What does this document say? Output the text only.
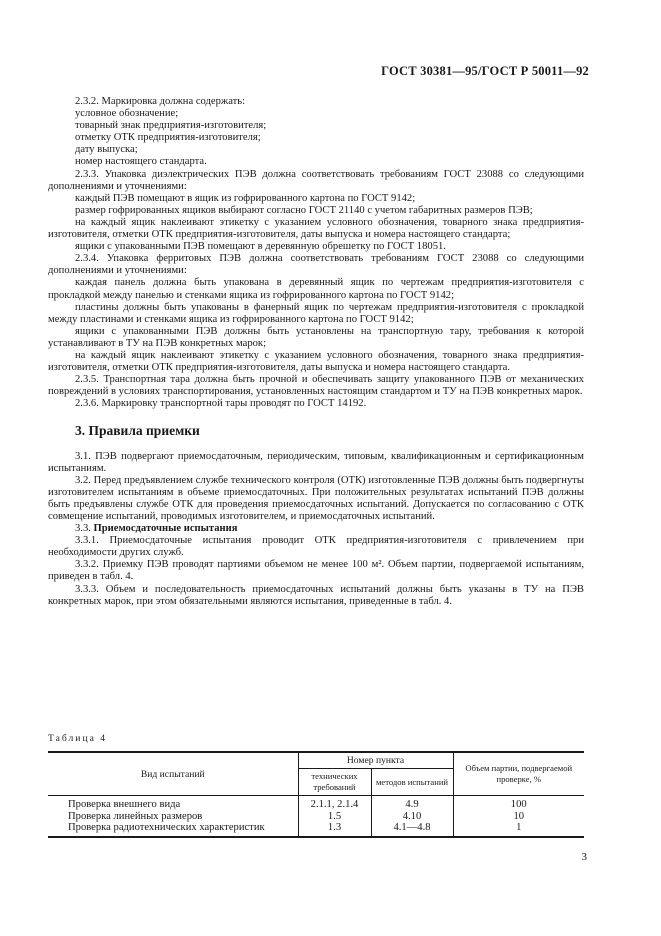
ГОСТ 30381—95/ГОСТ Р 50011—92

2.3.2. Маркировка должна содержать:

условное обозначение;

товарный знак предприятия-изготовителя;

отметку ОТК предприятия-изготовителя;

дату выпуска;

номер настоящего стандарта.

2.3.3. Упаковка диэлектрических ПЭВ должна соответствовать требованиям ГОСТ 23088 со следующими дополнениями и уточнениями:

каждый ПЭВ помещают в ящик из гофрированного картона по ГОСТ 9142;

размер гофрированных ящиков выбирают согласно ГОСТ 21140 с учетом габаритных размеров ПЭВ;

на каждый ящик наклеивают этикетку с указанием условного обозначения, товарного знака предприятия-изготовителя, отметки ОТК предприятия-изготовителя, даты выпуска и номера настоящего стандарта;

ящики с упакованными ПЭВ помещают в деревянную обрешетку по ГОСТ 18051.

2.3.4. Упаковка ферритовых ПЭВ должна соответствовать требованиям ГОСТ 23088 со следующими дополнениями и уточнениями:

каждая панель должна быть упакована в деревянный ящик по чертежам предприятия-изготовителя с прокладкой между панелью и стенками ящика из гофрированного картона по ГОСТ 9142;

пластины должны быть упакованы в фанерный ящик по чертежам предприятия-изготовителя с прокладкой между пластинами и стенками ящика из гофрированного картона по ГОСТ 9142;

ящики с упакованными ПЭВ должны быть установлены на транспортную тару, требования к которой устанавливают в ТУ на ПЭВ конкретных марок;

на каждый ящик наклеивают этикетку с указанием условного обозначения, товарного знака предприятия-изготовителя, отметки ОТК предприятия-изготовителя, даты выпуска и номера настоящего стандарта.

2.3.5. Транспортная тара должна быть прочной и обеспечивать защиту упакованного ПЭВ от механических повреждений в условиях транспортирования, установленных настоящим стандартом и ТУ на ПЭВ конкретных марок.

2.3.6. Маркировку транспортной тары проводят по ГОСТ 14192.

3. Правила приемки

3.1. ПЭВ подвергают приемосдаточным, периодическим, типовым, квалификационным и сертификационным испытаниям.

3.2. Перед предъявлением службе технического контроля (ОТК) изготовленные ПЭВ должны быть подвергнуты изготовителем испытаниям в объеме приемосдаточных. При положительных результатах испытаний ПЭВ должны быть предъявлены службе ОТК для проведения приемосдаточных испытаний. Допускается по согласованию с ОТК совмещение испытаний, проводимых изготовителем, и приемосдаточных испытаний.

3.3. Приемосдаточные испытания

3.3.1. Приемосдаточные испытания проводит ОТК предприятия-изготовителя с привлечением при необходимости других служб.

3.3.2. Приемку ПЭВ проводят партиями объемом не менее 100 м². Объем партии, подвергаемой испытаниям, приведен в табл. 4.

3.3.3. Объем и последовательность приемосдаточных испытаний должны быть указаны в ТУ на ПЭВ конкретных марок, при этом обязательными являются испытания, приведенные в табл. 4.

Таблица 4
Вид испытаний	Номер пункта		Объем партии, подвергаемой проверке, %
	технических требований	методов испытаний	
Проверка внешнего вида	2.1.1, 2.1.4	4.9	100
Проверка линейных размеров	1.5	4.10	10
Проверка радиотехнических характеристик	1.3	4.1—4.8	1
3
